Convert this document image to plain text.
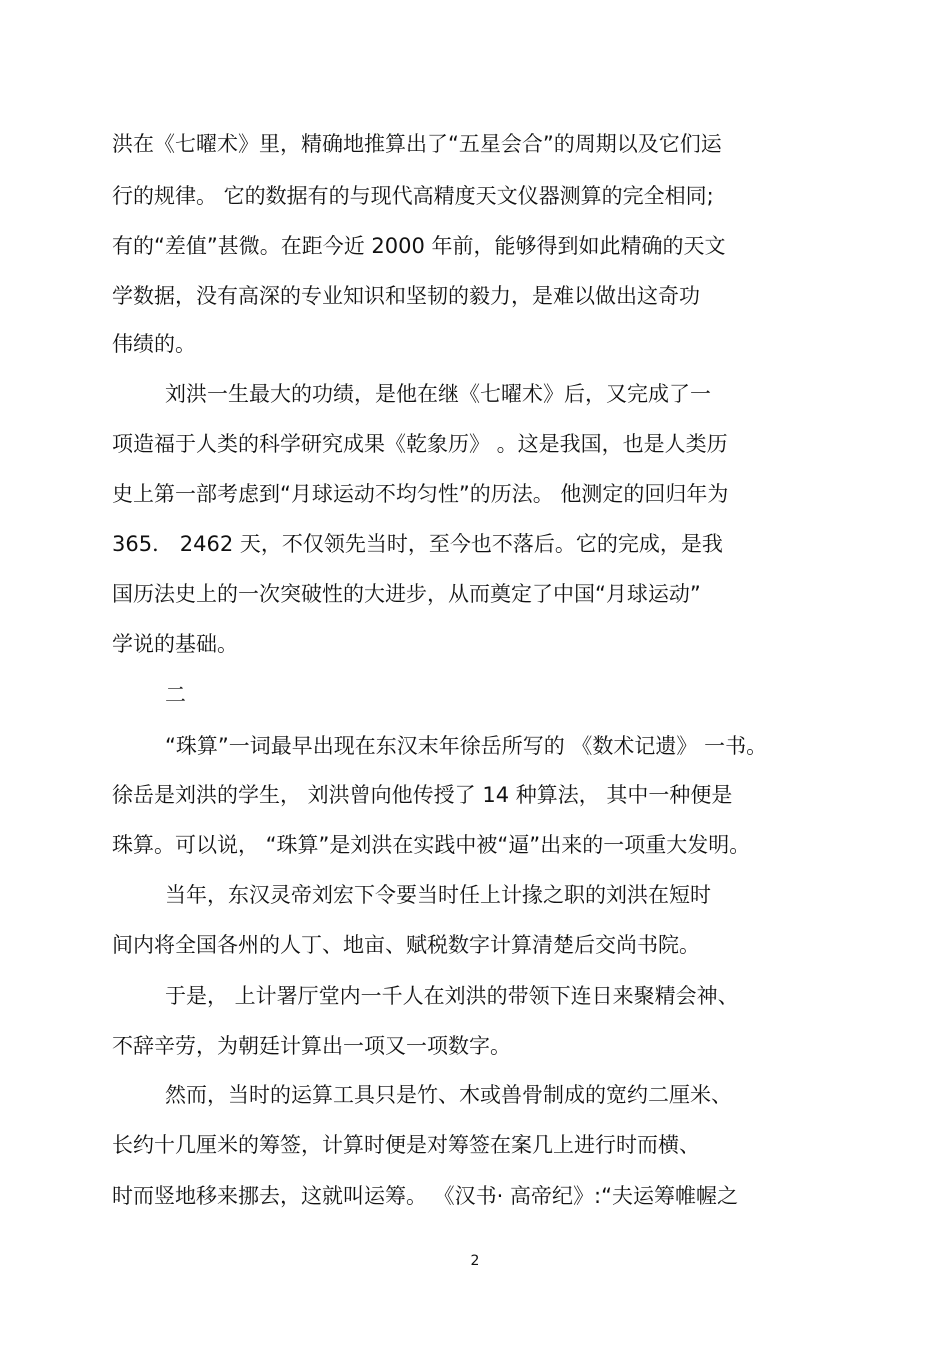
洪在《七曜术》里，精确地推算出了“五星会合”的周期以及它们运
行的规律。 它的数据有的与现代高精度天文仪器测算的完全相同;
有的“差值”甚微。在距今近 2000 年前，能够得到如此精确的天文
学数据，没有高深的专业知识和坚韧的毅力，是难以做出这奇功
伟绩的。
刘洪一生最大的功绩，是他在继《七曜术》后，又完成了一
项造福于人类的科学研究成果《乾象历》 。这是我国，也是人类历
史上第一部考虑到“月球运动不均匀性”的历法。 他测定的回归年为
365． 2462 天，不仅领先当时，至今也不落后。它的完成，是我
国历法史上的一次突破性的大进步，从而奠定了中国“月球运动”
学说的基础。
二
“珠算”一词最早出现在东汉末年徐岳所写的 《数术记遗》 一书。
徐岳是刘洪的学生， 刘洪曾向他传授了 14 种算法， 其中一种便是
珠算。可以说， “珠算”是刘洪在实践中被“逼”出来的一项重大发明。
当年，东汉灵帝刘宏下令要当时任上计掾之职的刘洪在短时
间内将全国各州的人丁、地亩、赋税数字计算清楚后交尚书院。
于是， 上计署厅堂内一千人在刘洪的带领下连日来聚精会神、
不辞辛劳，为朝廷计算出一项又一项数字。
然而，当时的运算工具只是竹、木或兽骨制成的宽约二厘米、
长约十几厘米的筹签，计算时便是对筹签在案几上进行时而横、
时而竖地移来挪去，这就叫运筹。 《汉书· 高帝纪》:“夫运筹帷幄之
2
